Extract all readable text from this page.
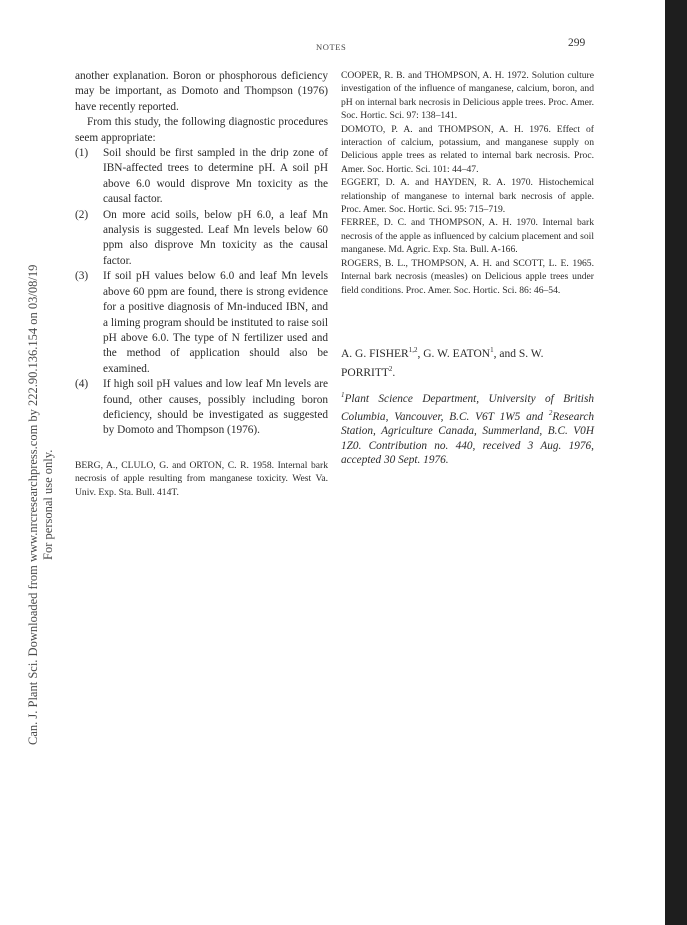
Can. J. Plant Sci. Downloaded from www.nrcresearchpress.com by 222.90.136.154 on 03/08/19 For personal use only.
NOTES	299

another explanation. Boron or phosphorous deficiency may be important, as Domoto and Thompson (1976) have recently reported.

From this study, the following diagnostic procedures seem appropriate:

(1) Soil should be first sampled in the drip zone of IBN-affected trees to determine pH. A soil pH above 6.0 would disprove Mn toxicity as the causal factor.
(2) On more acid soils, below pH 6.0, a leaf Mn analysis is suggested. Leaf Mn levels below 60 ppm also disprove Mn toxicity as the causal factor.
(3) If soil pH values below 6.0 and leaf Mn levels above 60 ppm are found, there is strong evidence for a positive diagnosis of Mn-induced IBN, and a liming program should be instituted to raise soil pH above 6.0. The type of N fertilizer used and the method of application should also be examined.
(4) If high soil pH values and low leaf Mn levels are found, other causes, possibly including boron deficiency, should be investigated as suggested by Domoto and Thompson (1976).

BERG, A., CLULO, G. and ORTON, C. R. 1958. Internal bark necrosis of apple resulting from manganese toxicity. West Va. Univ. Exp. Sta. Bull. 414T.

COOPER, R. B. and THOMPSON, A. H. 1972. Solution culture investigation of the influence of manganese, calcium, boron, and pH on internal bark necrosis in Delicious apple trees. Proc. Amer. Soc. Hortic. Sci. 97: 138–141.

DOMOTO, P. A. and THOMPSON, A. H. 1976. Effect of interaction of calcium, potassium, and manganese supply on Delicious apple trees as related to internal bark necrosis. Proc. Amer. Soc. Hortic. Sci. 101: 44–47.

EGGERT, D. A. and HAYDEN, R. A. 1970. Histochemical relationship of manganese to internal bark necrosis of apple. Proc. Amer. Soc. Hortic. Sci. 95: 715–719.

FERREE, D. C. and THOMPSON, A. H. 1970. Internal bark necrosis of the apple as influenced by calcium placement and soil manganese. Md. Agric. Exp. Sta. Bull. A-166.

ROGERS, B. L., THOMPSON, A. H. and SCOTT, L. E. 1965. Internal bark necrosis (measles) on Delicious apple trees under field conditions. Proc. Amer. Soc. Hortic. Sci. 86: 46–54.

A. G. FISHER$^{1,2}$, G. W. EATON$^1$, and S. W. PORRITT$^2$.

$^1$Plant Science Department, University of British Columbia, Vancouver, B.C. V6T 1W5 and $^2$Research Station, Agriculture Canada, Summerland, B.C. V0H 1Z0. Contribution no. 440, received 3 Aug. 1976, accepted 30 Sept. 1976.
